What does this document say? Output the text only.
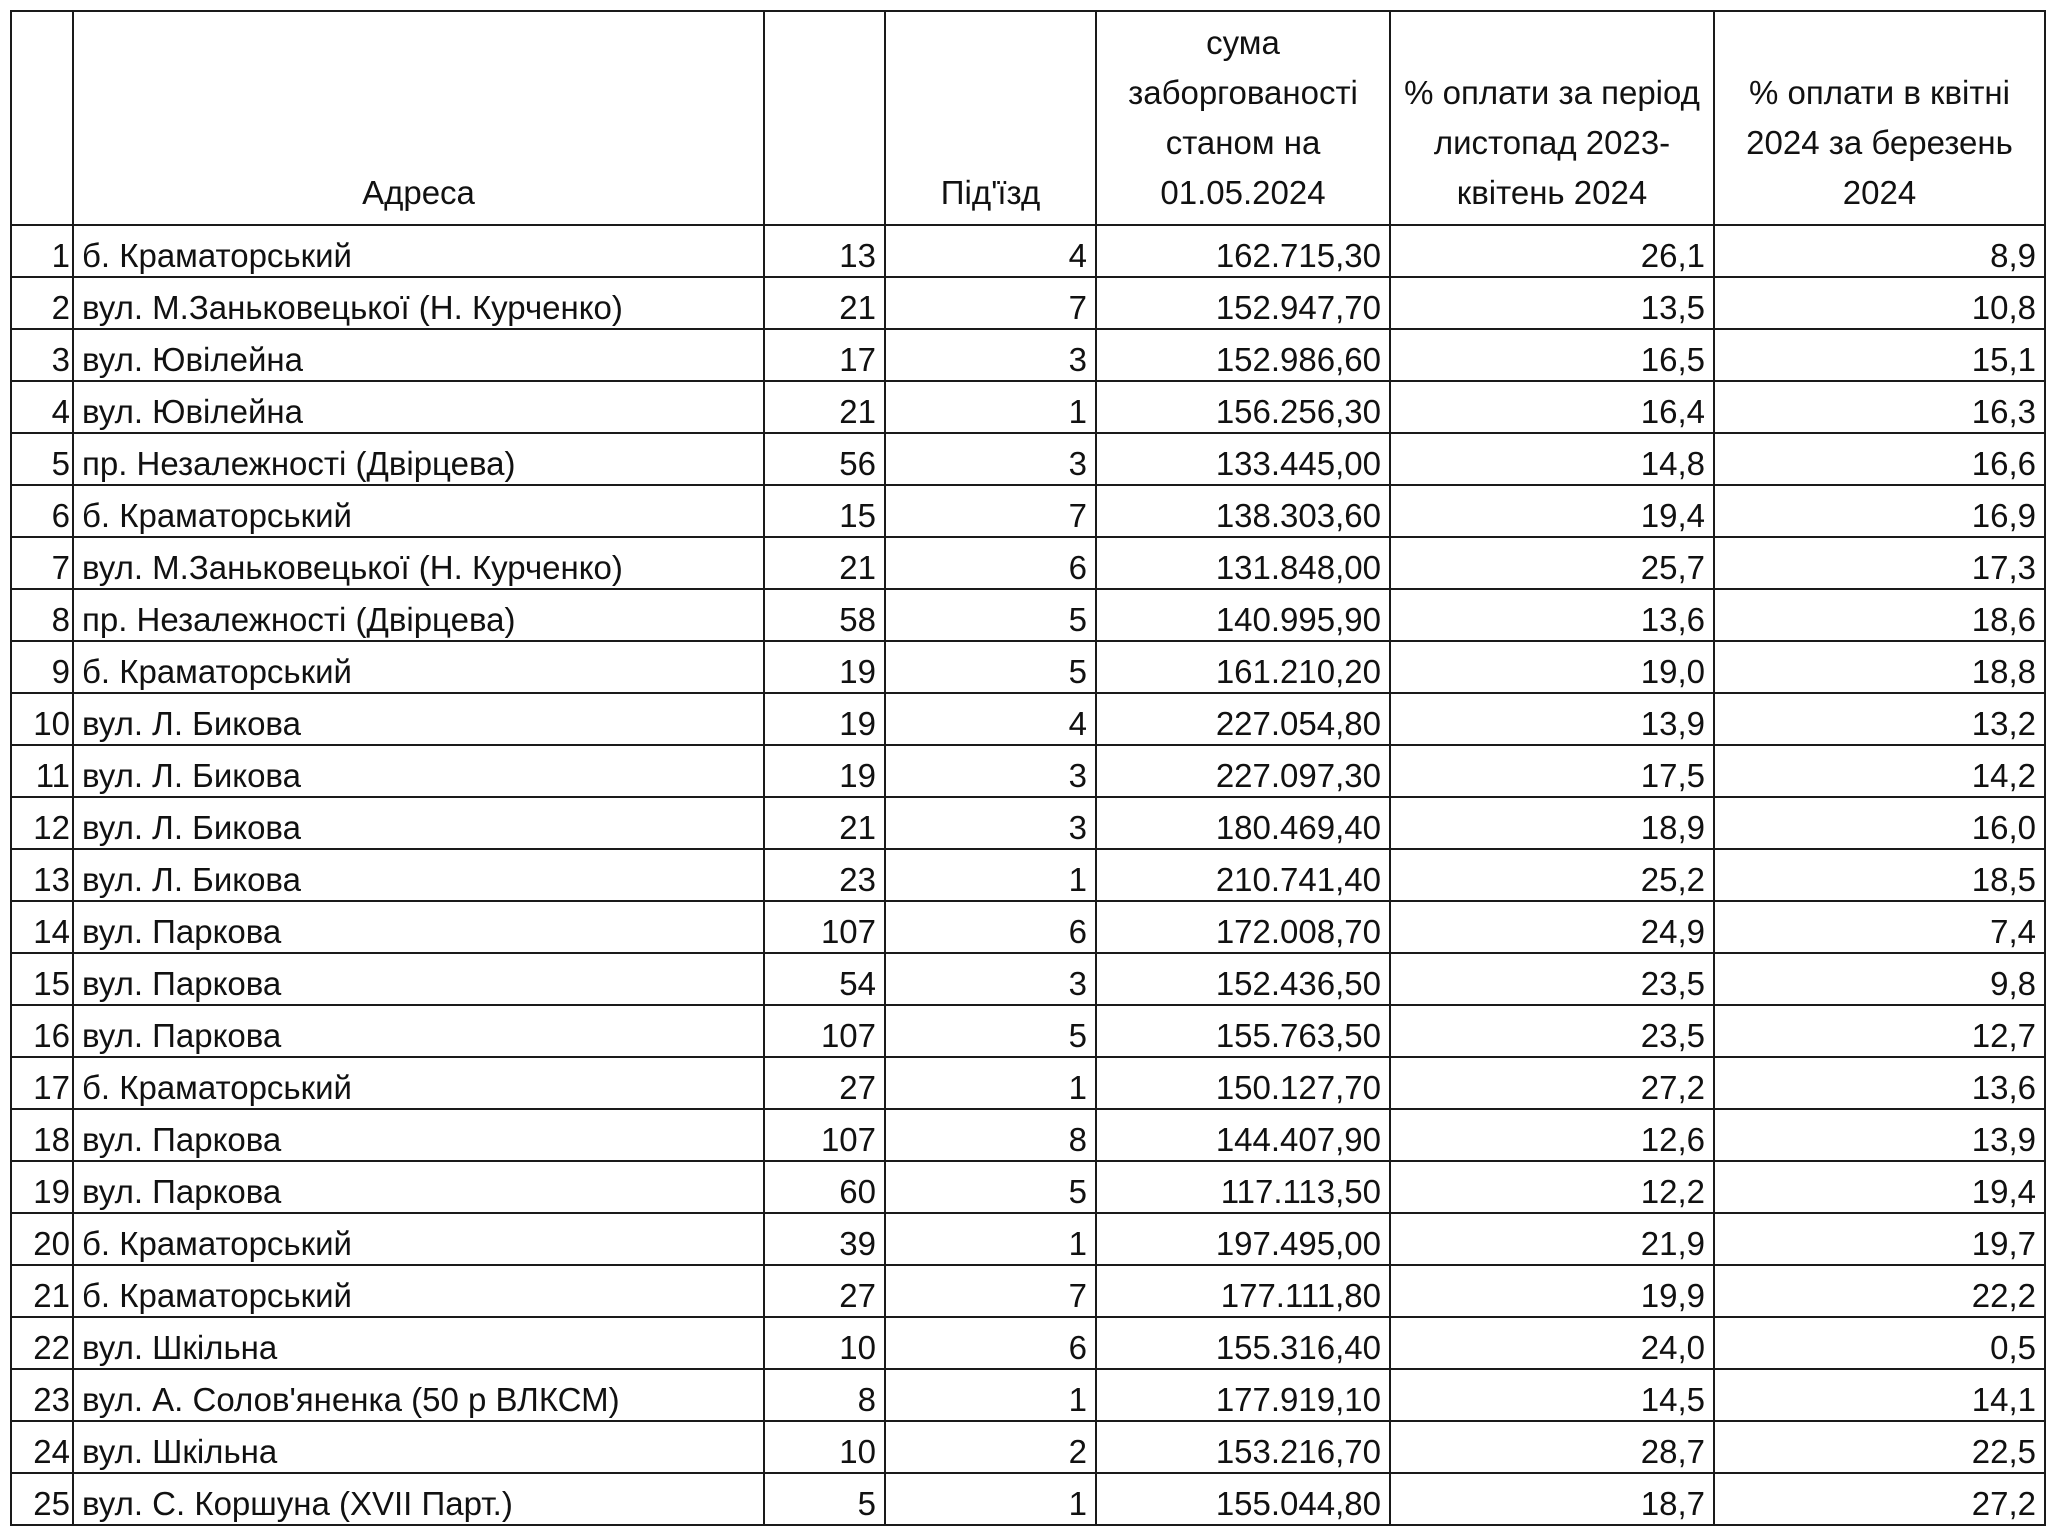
	Адреса		Під'їзд	сума заборгованості станом на 01.05.2024	% оплати за період листопад 2023- квітень 2024	% оплати в квітні 2024 за березень 2024
1	б. Краматорський	13	4	162.715,30	26,1	8,9
2	вул. М.Заньковецької (Н. Курченко)	21	7	152.947,70	13,5	10,8
3	вул. Ювілейна	17	3	152.986,60	16,5	15,1
4	вул. Ювілейна	21	1	156.256,30	16,4	16,3
5	пр. Незалежності (Двірцева)	56	3	133.445,00	14,8	16,6
6	б. Краматорський	15	7	138.303,60	19,4	16,9
7	вул. М.Заньковецької (Н. Курченко)	21	6	131.848,00	25,7	17,3
8	пр. Незалежності (Двірцева)	58	5	140.995,90	13,6	18,6
9	б. Краматорський	19	5	161.210,20	19,0	18,8
10	вул. Л. Бикова	19	4	227.054,80	13,9	13,2
11	вул. Л. Бикова	19	3	227.097,30	17,5	14,2
12	вул. Л. Бикова	21	3	180.469,40	18,9	16,0
13	вул. Л. Бикова	23	1	210.741,40	25,2	18,5
14	вул. Паркова	107	6	172.008,70	24,9	7,4
15	вул. Паркова	54	3	152.436,50	23,5	9,8
16	вул. Паркова	107	5	155.763,50	23,5	12,7
17	б. Краматорський	27	1	150.127,70	27,2	13,6
18	вул. Паркова	107	8	144.407,90	12,6	13,9
19	вул. Паркова	60	5	117.113,50	12,2	19,4
20	б. Краматорський	39	1	197.495,00	21,9	19,7
21	б. Краматорський	27	7	177.111,80	19,9	22,2
22	вул. Шкільна	10	6	155.316,40	24,0	0,5
23	вул. А. Солов'яненка (50 р ВЛКСМ)	8	1	177.919,10	14,5	14,1
24	вул. Шкільна	10	2	153.216,70	28,7	22,5
25	вул. С. Коршуна (XVII Парт.)	5	1	155.044,80	18,7	27,2
